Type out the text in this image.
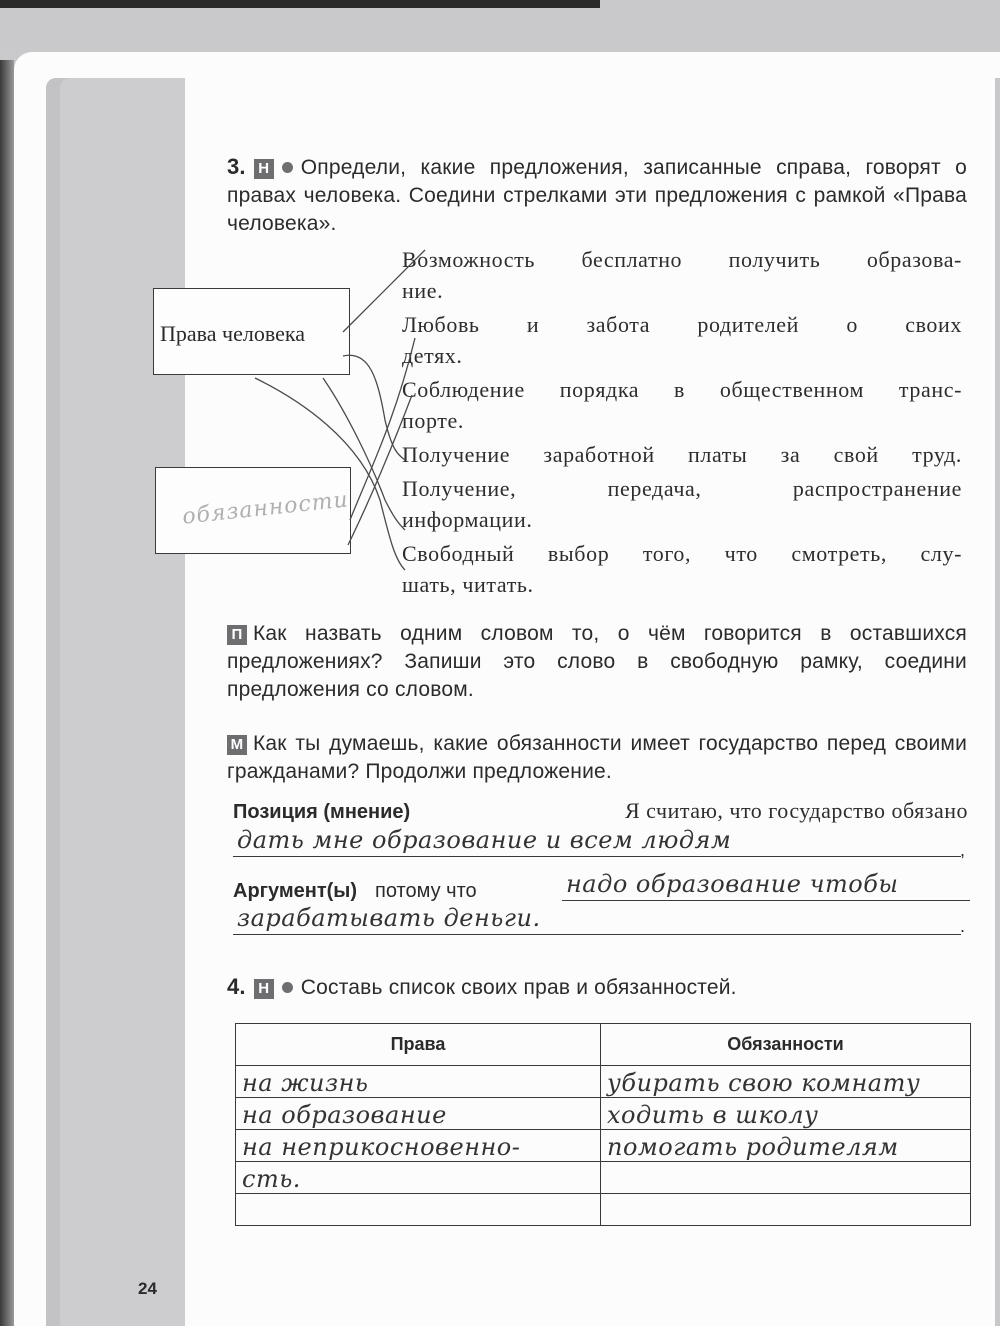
3. Н Определи, какие предложения, записанные справа, говорят о правах человека. Соедини стрелками эти предложения с рамкой «Права человека».
Права человека
обязанности
Возможность бесплатно получить образова-
ние.
Любовь и забота родителей о своих
детях.
Соблюдение порядка в общественном транс-
порте.
Получение заработной платы за свой труд.
Получение, передача, распространение
информации.
Свободный выбор того, что смотреть, слу-
шать, читать.
П Как назвать одним словом то, о чём говорится в оставшихся предложениях? Запиши это слово в свободную рамку, соедини предложения со словом.
М Как ты думаешь, какие обязанности имеет государство перед своими гражданами? Продолжи предложение.
Позиция (мнение)	Я считаю, что государство обязано
дать мне образование и всем людям	,
Аргумент(ы) потому что	надо образование чтобы
зарабатывать деньги.	.
4. Н Составь список своих прав и обязанностей.
Права	Обязанности
на жизнь	убирать свою комнату
на образование	ходить в школу
на неприкосновенно-	помогать родителям
сть.	

24
